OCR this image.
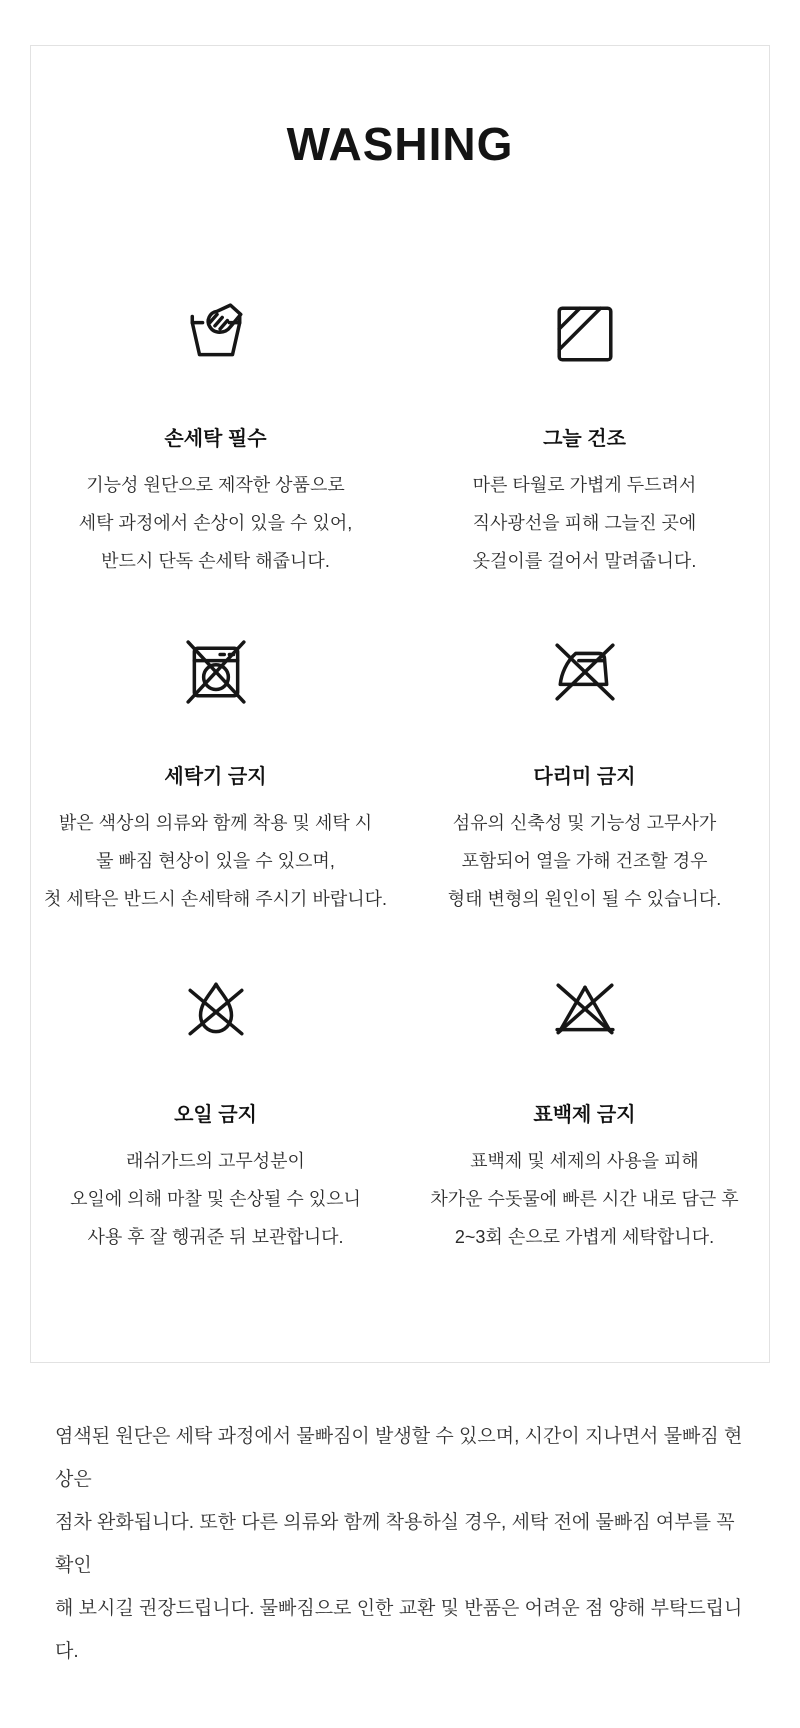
WASHING
손세탁 필수

기능성 원단으로 제작한 상품으로

세탁 과정에서 손상이 있을 수 있어,

반드시 단독 손세탁 해줍니다.

그늘 건조

마른 타월로 가볍게 두드려서

직사광선을 피해 그늘진 곳에

옷걸이를 걸어서 말려줍니다.

세탁기 금지

밝은 색상의 의류와 함께 착용 및 세탁 시

물 빠짐 현상이 있을 수 있으며,

첫 세탁은 반드시 손세탁해 주시기 바랍니다.

다리미 금지

섬유의 신축성 및 기능성 고무사가

포함되어 열을 가해 건조할 경우

형태 변형의 원인이 될 수 있습니다.

오일 금지

래쉬가드의 고무성분이

오일에 의해 마찰 및 손상될 수 있으니

사용 후 잘 헹궈준 뒤 보관합니다.

표백제 금지

표백제 및 세제의 사용을 피해

차가운 수돗물에 빠른 시간 내로 담근 후

2~3회 손으로 가볍게 세탁합니다.

염색된 원단은 세탁 과정에서 물빠짐이 발생할 수 있으며, 시간이 지나면서 물빠짐 현상은

점차 완화됩니다. 또한 다른 의류와 함께 착용하실 경우, 세탁 전에 물빠짐 여부를 꼭 확인

해 보시길 권장드립니다. 물빠짐으로 인한 교환 및 반품은 어려운 점 양해 부탁드립니다.
